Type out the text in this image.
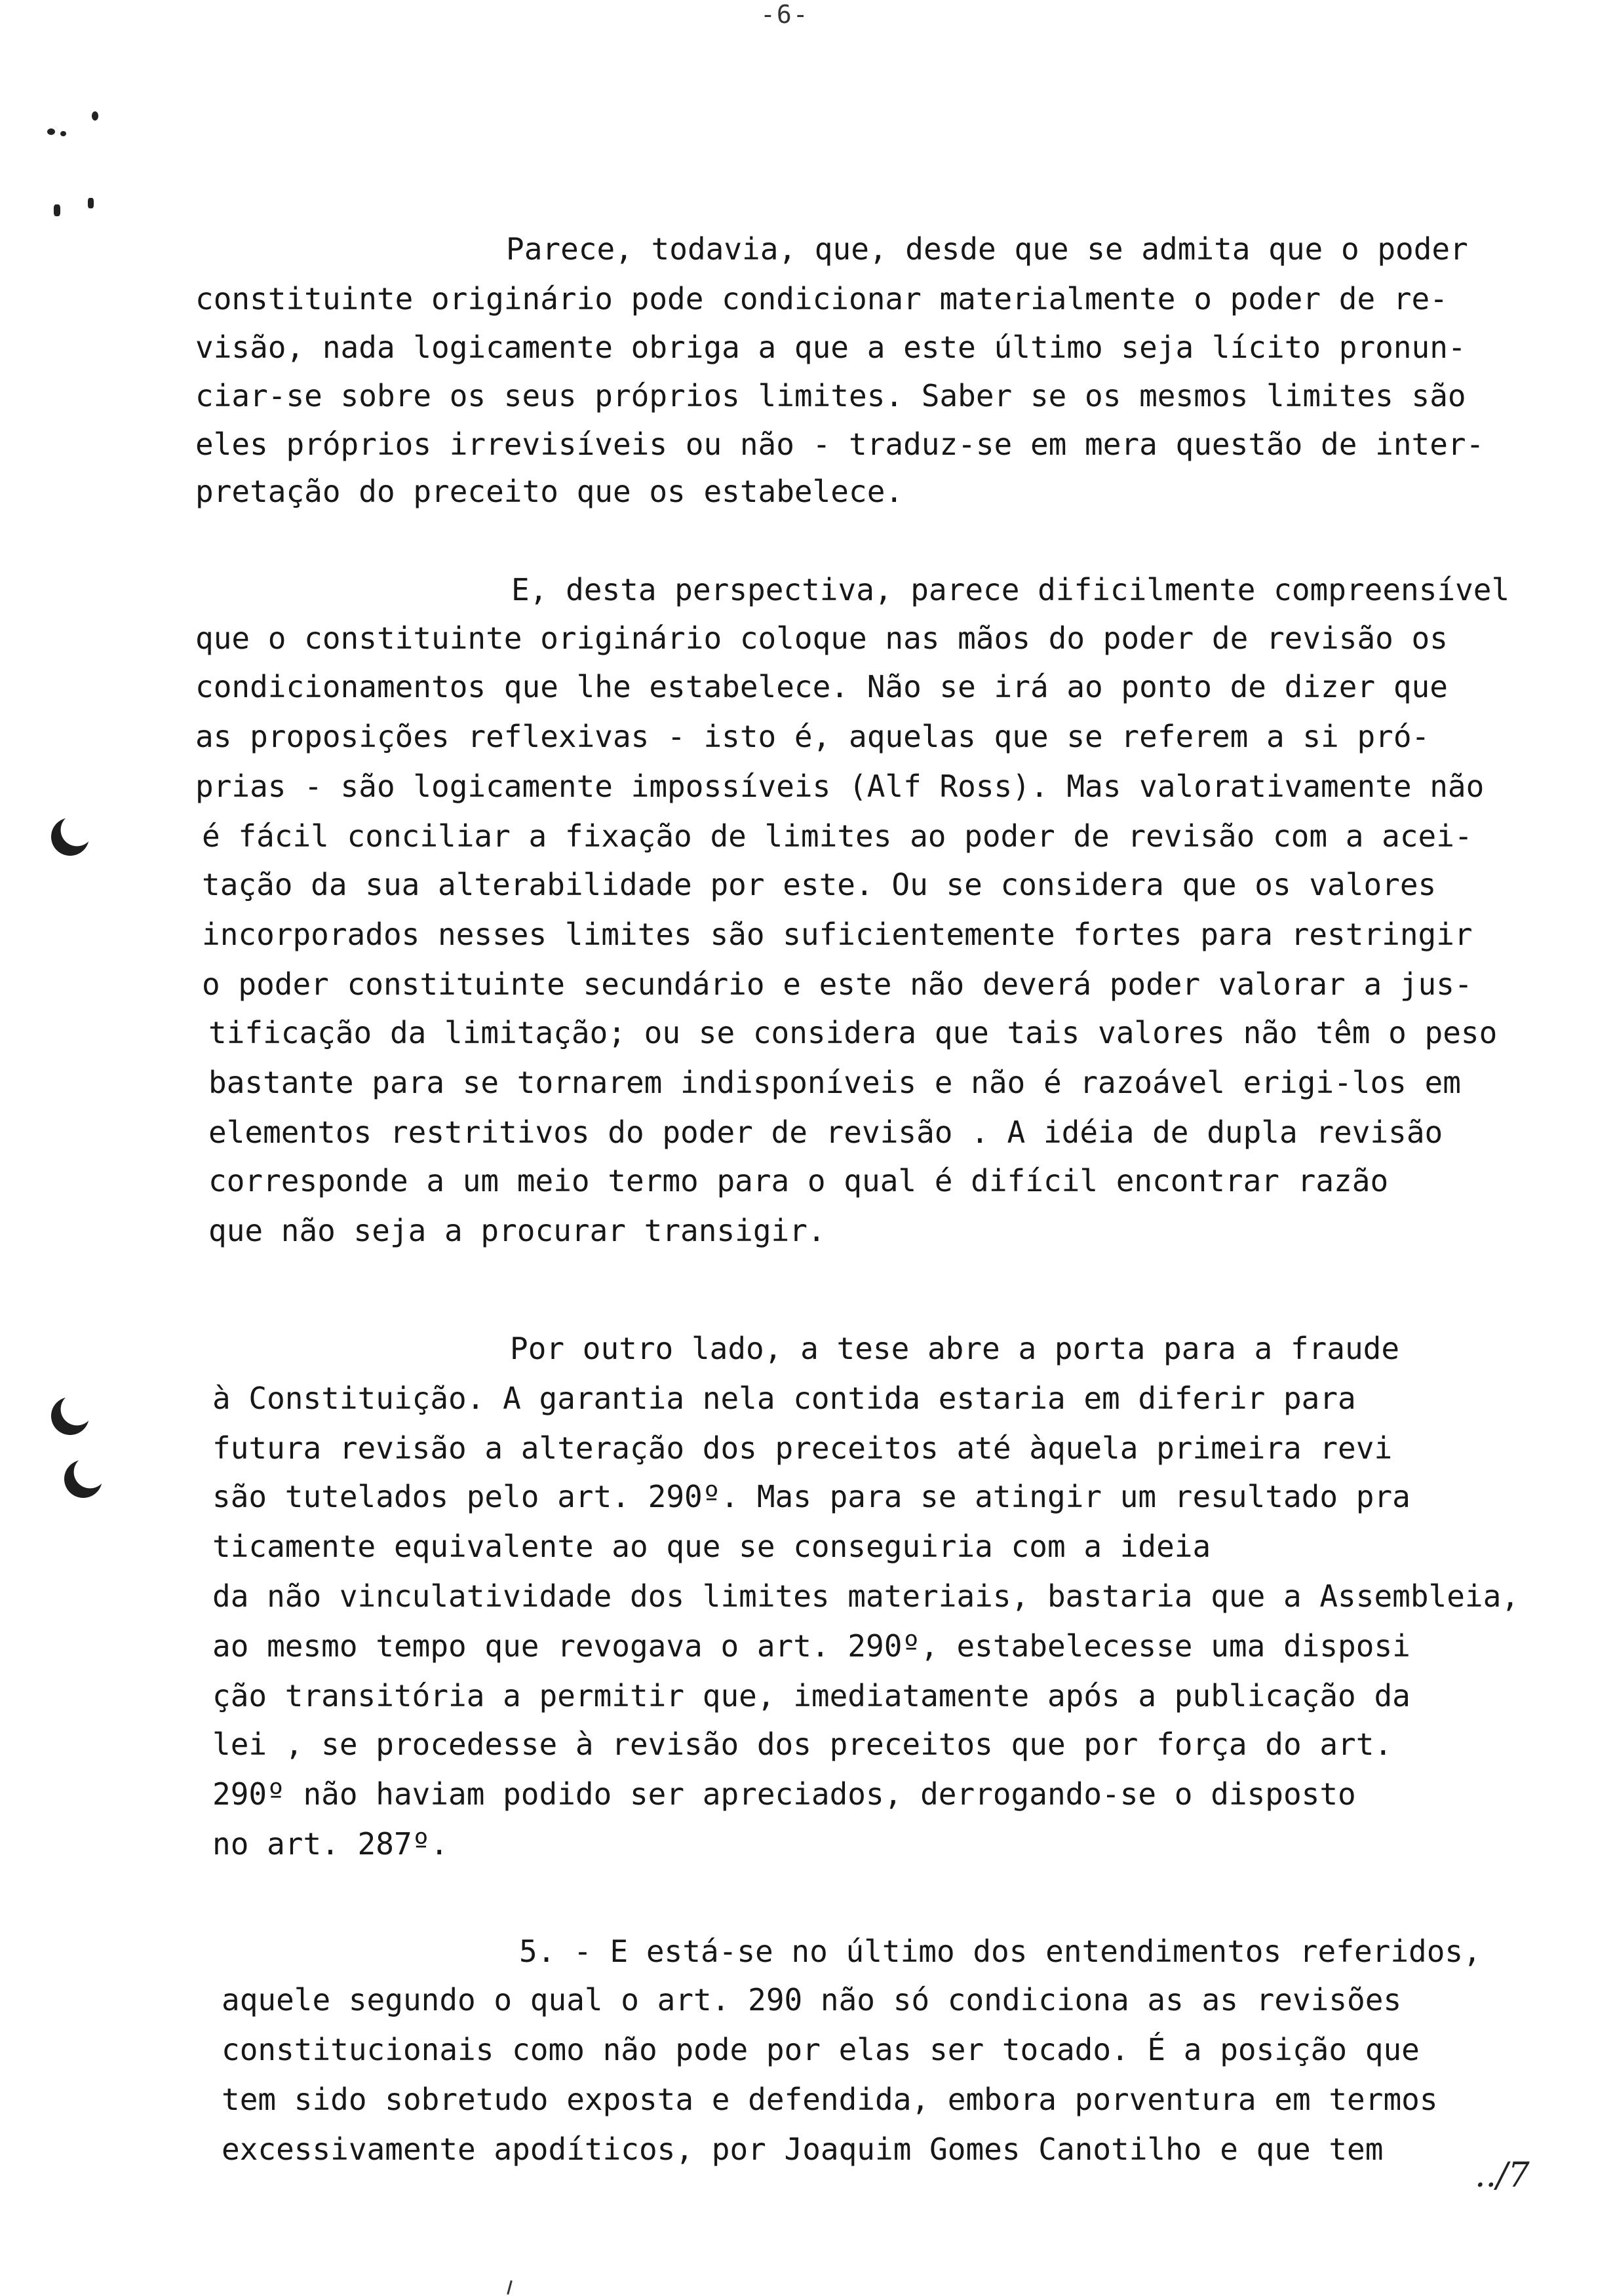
-6-
Parece, todavia, que, desde que se admita que o poder
constituinte originário pode condicionar materialmente o poder de re-
visão, nada logicamente obriga a que a este último seja lícito pronun-
ciar-se sobre os seus próprios limites. Saber se os mesmos limites são
eles próprios irrevisíveis ou não - traduz-se em mera questão de inter-
pretação do preceito que os estabelece.
E, desta perspectiva, parece dificilmente compreensível
que o constituinte originário coloque nas mãos do poder de revisão os
condicionamentos que lhe estabelece. Não se irá ao ponto de dizer que
as proposições reflexivas - isto é, aquelas que se referem a si pró-
prias - são logicamente impossíveis (Alf Ross). Mas valorativamente não
é fácil conciliar a fixação de limites ao poder de revisão com a acei-
tação da sua alterabilidade por este. Ou se considera que os valores
incorporados nesses limites são suficientemente fortes para restringir
o poder constituinte secundário e este não deverá poder valorar a jus-
tificação da limitação; ou se considera que tais valores não têm o peso
bastante para se tornarem indisponíveis e não é razoável erigi-los em
elementos restritivos do poder de revisão . A idéia de dupla revisão
corresponde a um meio termo para o qual é difícil encontrar razão
que não seja a procurar transigir.
Por outro lado, a tese abre a porta para a fraude
à Constituição. A garantia nela contida estaria em diferir para
futura revisão a alteração dos preceitos até àquela primeira revi
são tutelados pelo art. 290º. Mas para se atingir um resultado pra
ticamente equivalente ao que se conseguiria com a ideia
da não vinculatividade dos limites materiais, bastaria que a Assembleia,
ao mesmo tempo que revogava o art. 290º, estabelecesse uma disposi
ção transitória a permitir que, imediatamente após a publicação da
lei , se procedesse à revisão dos preceitos que por força do art.
290º não haviam podido ser apreciados, derrogando-se o disposto
no art. 287º.
5. - E está-se no último dos entendimentos referidos,
aquele segundo o qual o art. 290 não só condiciona as as revisões
constitucionais como não pode por elas ser tocado. É a posição que
tem sido sobretudo exposta e defendida, embora porventura em termos
excessivamente apodíticos, por Joaquim Gomes Canotilho e que tem
../7
